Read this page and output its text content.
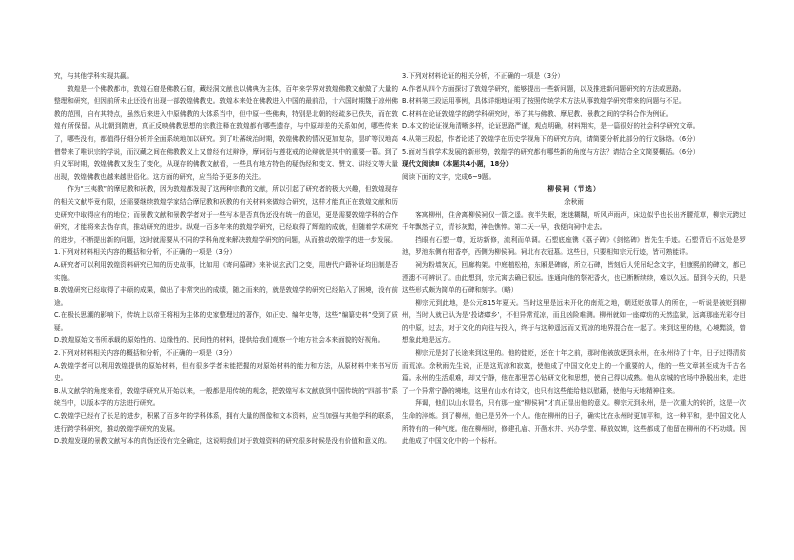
究，与其他学科实现共赢。

敦煌是一个佛教都市，敦煌石窟是佛教石窟，藏经洞文献也以佛典为主体，百年来学界对敦煌佛教文献做了大量的整理和研究，但因前所未止还没有出现一部敦煌佛教史。敦煌本来处在佛教进入中国的最前沿，十六国时期魏于凉州佛教的范围，自有其特点，虽然后来进入中原佛教的大体系当中，但中原一些佛典，特别是北朝的经疏多已佚失，而在敦煌有所保留。从北朝到隋唐，真正反映佛教思想的宗教注释在敦煌都有哪些遗存，与中原却差的关系如何，哪些传来了，哪些没有，都值得仔细分析并全面系统地加以研究。到了吐蕃统治时期，敦煌佛教的情况更加复杂，昙旷等汉地高僧带来了唯识宗的学说，而汉藏之间在佛教教义上又曾经有过辩诤，摩诃衍与莲花戒的论辩就是其中的重要一幕。到了归义军时期，敦煌佛教又发生了变化，从现存的佛教文献看，一些具有地方特色的疑伪经和变文、赞文、讲经文等大量出现，敦煌佛教也越来越世俗化。这方面的研究，应当给予更多的关注。

作为“三夷教”的摩尼教和祆教，因为敦煌都发现了这两种宗教的文献，所以引起了研究者的极大兴趣，但敦煌现存的相关文献毕竟有限，还需要继续敦煌学家结合摩尼教和祆教的有关材料来做综合研究，这样才能真正在敦煌文献和历史研究中取得应有的地位；而景教文献和景教学者对于一些写本是否真伪还没有统一的意见，更是需要敦煌学科的合作研究，才能将来去伪存真，推动研究的进步。纵观一百多年来的敦煌学研究，已经取得了辉煌的成就，但随着学术研究的进步，不断提出新的问题，这时就需要从不同的学科角度来解决敦煌学研究的问题，从而推动敦煌学的进一步发展。

1.下列对材料相关内容的概括和分析，不正确的一项是（3分）

A.研究者可以利用敦煌资料研究已知的历史故事，比如用《寄问慕碑》来补说玄武门之变，用唐代户籍补证均田制是否实施。

B.敦煌研究已经取得了丰硕的成果，做出了非常突出的成绩，随之而来的，就是敦煌学的研究已经陷入了困境，没有前途。

C.在极长思潮的影响下，传统上以帝王将相为主体的史家整理过的著作，如正史、编年史等，这些“编纂史料”受到了质疑。

D.敦煌原始文书所承载的原始性的、边缘性的、民间性的材料，提供给我们观察一个地方社会本来面貌的好视角。

2.下列对材料相关内容的概括和分析，不正确的一项是（3分）

A.敦煌学者可以利用敦煌提供的原始材料，但有很多学者未能把握的对原始材料的能力和方法，从原材料中来书写历史。

B.从文献学的角度来看，敦煌学研究从开始以来，一般都是用传统的观念，把敦煌写本文献放到中国传统的“四部书”系统当中，以版本学的方法进行研究。

C.敦煌学已经有了长足的进步，积累了百多年的学科体系，拥有大量的图像和文本资料，应当加强与其他学科的联系，进行跨学科研究，推动敦煌学研究的发展。

D.敦煌发现的景教文献写本的真伪还没有完全确定，这说明我们对于敦煌资料的研究很多时候是没有价值和意义的。

3.下列对材料论证的相关分析，不正确的一项是（3分）

A.作者从四个方面探讨了敦煌学研究，能够提出一些新问题，以及推进新问题研究的方法或思路。

B.材料第三段运用事例，具体详细地证明了按照传统学术方法从事敦煌学研究带来的问题与不足。

C.材料在论证敦煌学的跨学科研究时，举了其与佛教、摩尼教、景教之间的学科合作为例证。

D.本文的论证视角清晰多样，论证思路严谨，观点明确，材料翔实，是一篇很好的社会科学研究文章。

4.从第三段起，作者论述了敦煌学在历史学视角下的研究方向，请简要分析此部分的行文脉络。（6分）

5.面对当前学术发展的新形势，敦煌学的研究都有哪些新的角度与方法？请结合全文简要概括。（6分）

现代文阅读Ⅱ（本题共4小题，18分）

阅读下面的文字，完成6~9题。

柳侯祠（节选）

余秋雨

客寓柳州，住舍离柳侯祠仅一箭之遥。夜半失眠，迷迷糊糊，听风声雨声，床边似乎也长出齐腰荒草，柳宗元跨过千年飘然孑立，青衫灰黯，神色憔悴。第二天一早，我便向祠中走去。

挡眼有石塑一尊，近坊新修，流利而单调。石塑底座镌《荔子碑》《剑铭碑》皆先生手迹。石塑背后不远处是罗池，罗池东侧有柑香亭，西侧为柳侯祠。祠北有衣冠墓。这些日，只要相知宗元行迹，皆可熟能详。

祠为粉墙灰瓦，回廊构架。中庭植松柏，东厢是碑廊，所立石碑，皆刻后人凭吊纪念文字，但康熙前的碑文，都已湮漶不可辨识了。由此想到，宗元寓去确已很远。连通向他的祭祀香火，也已断断续续，难以久远。留到今天的，只是这些形式颇为简单的石碑和刻字。（略）

柳宗元到此地，是公元815年夏天。当时这里是远未开化的南荒之地，朝廷贬放罪人的所在，一听说是被贬到柳州，当时人就已认为是‘投诸瘴乡’，不但异常荒凉，而且凶险难测。柳州就如一座瘴疠的天然监狱，远离那座光彩夺目的中原，过去，对于文化的向往与投入，终于与这种遥远而又荒凉的地界混合在一起了。来到这里的他，心境黯淡，曾想象此地是远方。

柳宗元是封了长途来到这里的。他的徙贬，还在十年之前，那时他被放逐到永州，在永州待了十年，日子过得清贫而荒凉。余秋雨先生说，正是这荒凉和寂寞，使他成了中国文化史上的一个重要的人，他的一些文章甚至成为千古名篇。永州的生活艰难，却又宁静，他在那里苦心钻研文化和思想，使自己得以成熟。他从京城的官场中挣脱出来，走进了一个异常宁静的境地，这里有山水有诗文，也只有这些能给他以慰藉，使他与天地精神往来。

拜谒，他们以山水显名，只有那一座“柳侯祠”才真正显出他的意义。柳宗元到永州，是一次重大的转折，这是一次生命的淬炼。到了柳州，他已是另外一个人。他在柳州的日子，确实比在永州时更加平和，这一种平和，是中国文化人所特有的一种气度。他在柳州时，修建孔庙、开凿水井、兴办学堂、释放奴婢，这些都成了他留在柳州的不朽功绩。因此他成了中国文化中的一个标杆。
